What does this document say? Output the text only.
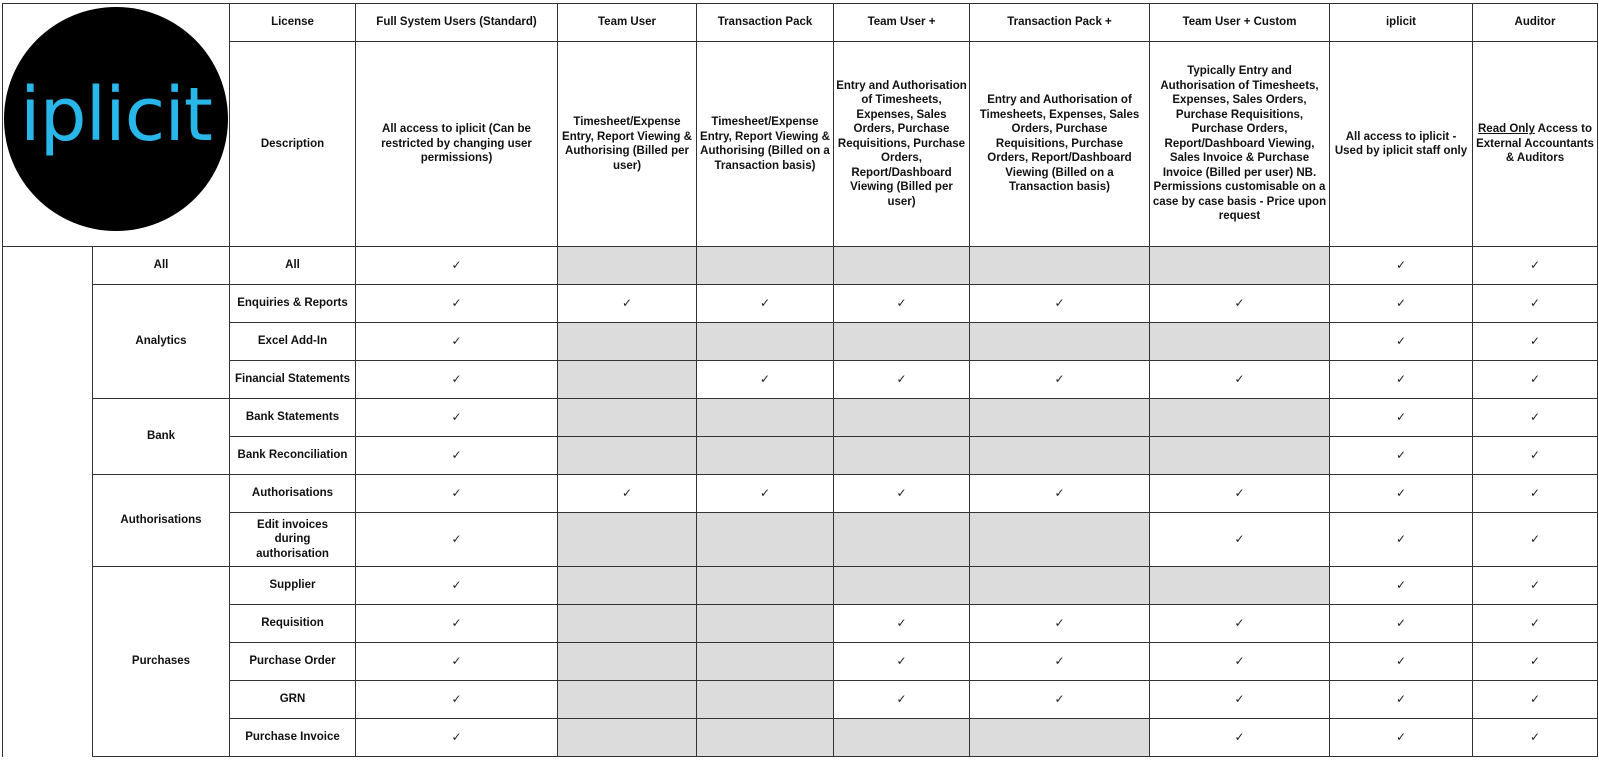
iplicit		License	Full System Users (Standard)	Team User	Transaction Pack	Team User +	Transaction Pack +	Team User + Custom	iplicit	Auditor
		Description	All access to iplicit (Can be restricted by changing user permissions)	Timesheet/Expense Entry, Report Viewing & Authorising (Billed per user)	Timesheet/Expense Entry, Report Viewing & Authorising (Billed on a Transaction basis)	Entry and Authorisation of Timesheets, Expenses, Sales Orders, Purchase Requisitions, Purchase Orders, Report/Dashboard Viewing (Billed per user)	Entry and Authorisation of Timesheets, Expenses, Sales Orders, Purchase Requisitions, Purchase Orders, Report/Dashboard Viewing (Billed on a Transaction basis)	Typically Entry and Authorisation of Timesheets, Expenses, Sales Orders, Purchase Requisitions, Purchase Orders, Report/Dashboard Viewing, Sales Invoice & Purchase Invoice (Billed per user) NB. Permissions customisable on a case by case basis - Price upon request	All access to iplicit - Used by iplicit staff only	Read Only Access to External Accountants & Auditors
	All	All	✓						✓	✓
	Analytics	Enquiries & Reports	✓	✓	✓	✓	✓	✓	✓	✓
		Excel Add-In	✓						✓	✓
		Financial Statements	✓		✓	✓	✓	✓	✓	✓
	Bank	Bank Statements	✓						✓	✓
		Bank Reconciliation	✓						✓	✓
	Authorisations	Authorisations	✓	✓	✓	✓	✓	✓	✓	✓
		Edit invoices during authorisation	✓					✓	✓	✓
	Purchases	Supplier	✓						✓	✓
		Requisition	✓			✓	✓	✓	✓	✓
		Purchase Order	✓			✓	✓	✓	✓	✓
		GRN	✓			✓	✓	✓	✓	✓
		Purchase Invoice	✓					✓	✓	✓
